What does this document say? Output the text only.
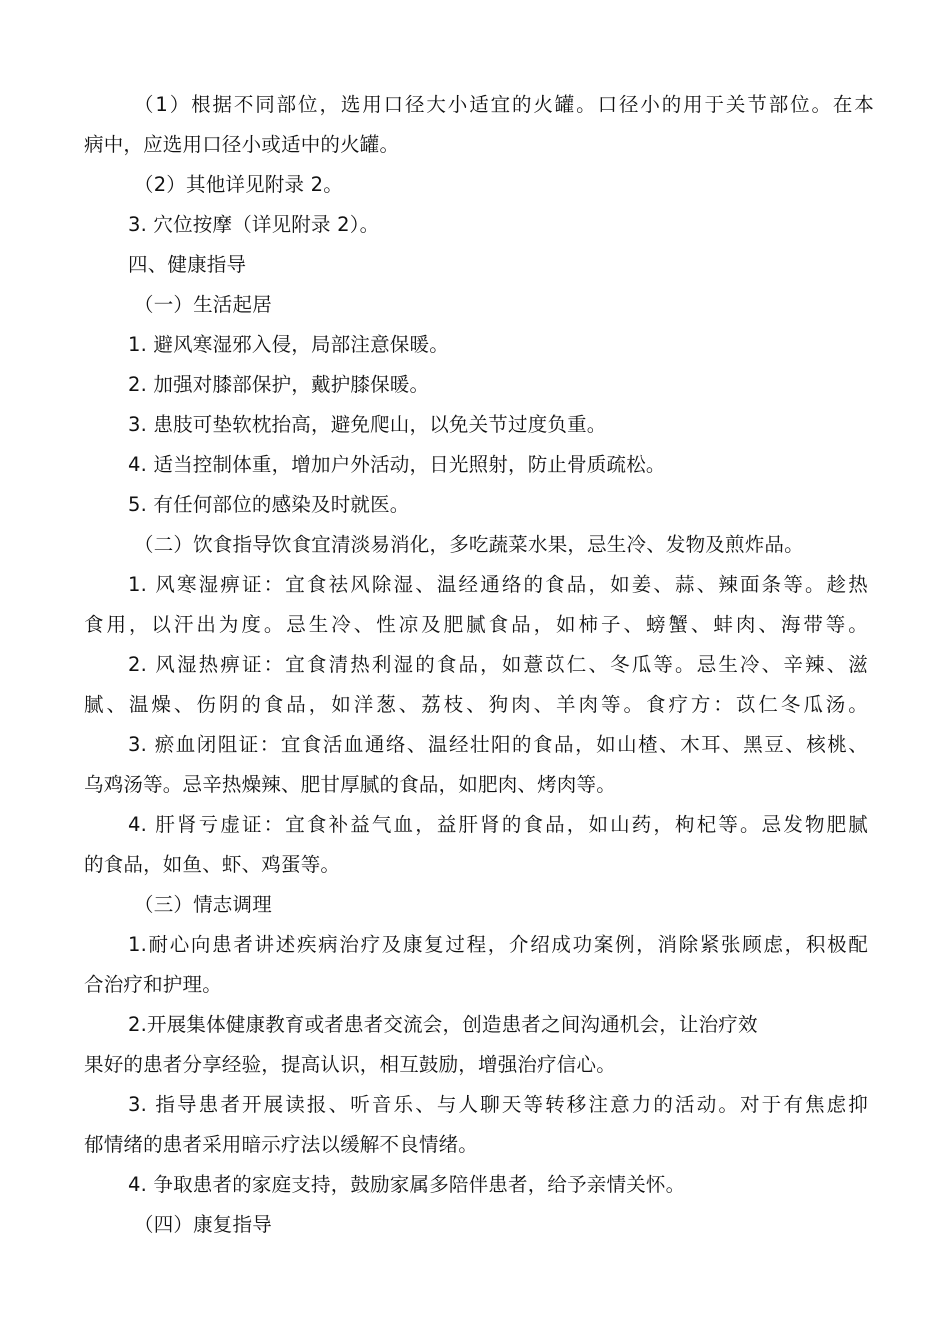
（1）根据不同部位，选用口径大小适宜的火罐。口径小的用于关节部位。在本
病中，应选用口径小或适中的火罐。
（2）其他详见附录 2。
3. 穴位按摩（详见附录 2）。
四、健康指导
（一）生活起居
1. 避风寒湿邪入侵，局部注意保暖。
2. 加强对膝部保护，戴护膝保暖。
3. 患肢可垫软枕抬高，避免爬山，以免关节过度负重。
4. 适当控制体重，增加户外活动，日光照射，防止骨质疏松。
5. 有任何部位的感染及时就医。
（二）饮食指导饮食宜清淡易消化，多吃蔬菜水果，忌生冷、发物及煎炸品。
1. 风寒湿痹证：宜食祛风除湿、温经通络的食品，如姜、蒜、辣面条等。趁热
食用，以汗出为度。忌生冷、性凉及肥腻食品，如柿子、螃蟹、蚌肉、海带等。
2. 风湿热痹证：宜食清热利湿的食品，如薏苡仁、冬瓜等。忌生冷、辛辣、滋
腻、温燥、伤阴的食品，如洋葱、荔枝、狗肉、羊肉等。食疗方：苡仁冬瓜汤。
3. 瘀血闭阻证：宜食活血通络、温经壮阳的食品，如山楂、木耳、黑豆、核桃、
乌鸡汤等。忌辛热燥辣、肥甘厚腻的食品，如肥肉、烤肉等。
4. 肝肾亏虚证：宜食补益气血，益肝肾的食品，如山药，枸杞等。忌发物肥腻
的食品，如鱼、虾、鸡蛋等。
（三）情志调理
1.耐心向患者讲述疾病治疗及康复过程，介绍成功案例，消除紧张顾虑，积极配
合治疗和护理。
2.开展集体健康教育或者患者交流会，创造患者之间沟通机会，让治疗效
果好的患者分享经验，提高认识，相互鼓励，增强治疗信心。
3. 指导患者开展读报、听音乐、与人聊天等转移注意力的活动。对于有焦虑抑
郁情绪的患者采用暗示疗法以缓解不良情绪。
4. 争取患者的家庭支持，鼓励家属多陪伴患者，给予亲情关怀。
（四）康复指导
